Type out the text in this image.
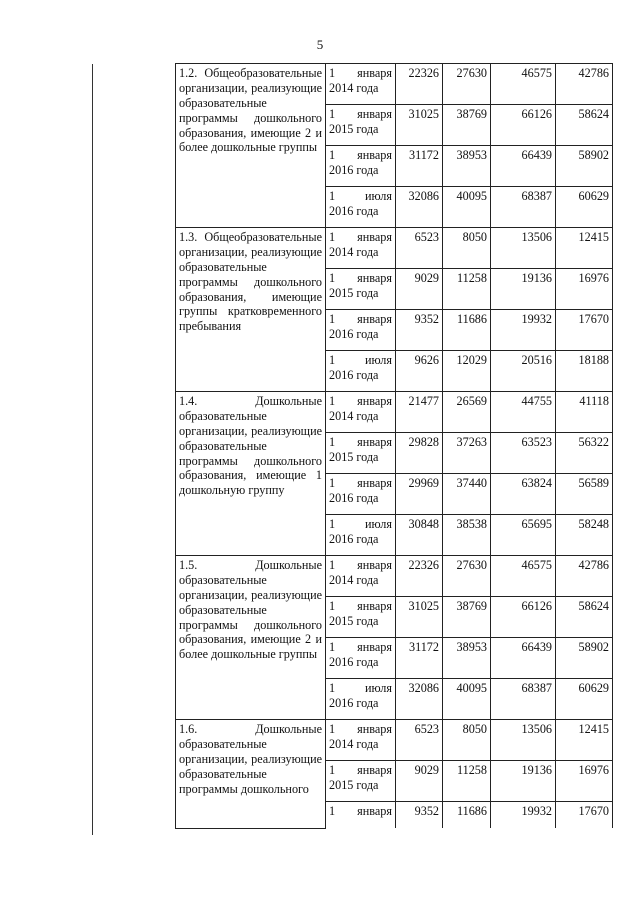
5
1.2. Общеобразовательные организации, реализующие образовательные программы дошкольного образования, имеющие 2 и более дошкольные группы	1 января
2014 года	22326	27630	46575	42786
	1 января
2015 года	31025	38769	66126	58624
	1 января
2016 года	31172	38953	66439	58902
	1 июля
2016 года	32086	40095	68387	60629
1.3. Общеобразовательные организации, реализующие образовательные программы дошкольного образования, имеющие группы кратковременного пребывания	1 января
2014 года	6523	8050	13506	12415
	1 января
2015 года	9029	11258	19136	16976
	1 января
2016 года	9352	11686	19932	17670
	1 июля
2016 года	9626	12029	20516	18188
1.4. Дошкольные образовательные организации, реализующие образовательные программы дошкольного образования, имеющие 1 дошкольную группу	1 января
2014 года	21477	26569	44755	41118
	1 января
2015 года	29828	37263	63523	56322
	1 января
2016 года	29969	37440	63824	56589
	1 июля
2016 года	30848	38538	65695	58248
1.5. Дошкольные образовательные организации, реализующие образовательные программы дошкольного образования, имеющие 2 и более дошкольные группы	1 января
2014 года	22326	27630	46575	42786
	1 января
2015 года	31025	38769	66126	58624
	1 января
2016 года	31172	38953	66439	58902
	1 июля
2016 года	32086	40095	68387	60629
1.6. Дошкольные образовательные организации, реализующие образовательные программы дошкольного	1 января
2014 года	6523	8050	13506	12415
	1 января
2015 года	9029	11258	19136	16976
	1 января	9352	11686	19932	17670
